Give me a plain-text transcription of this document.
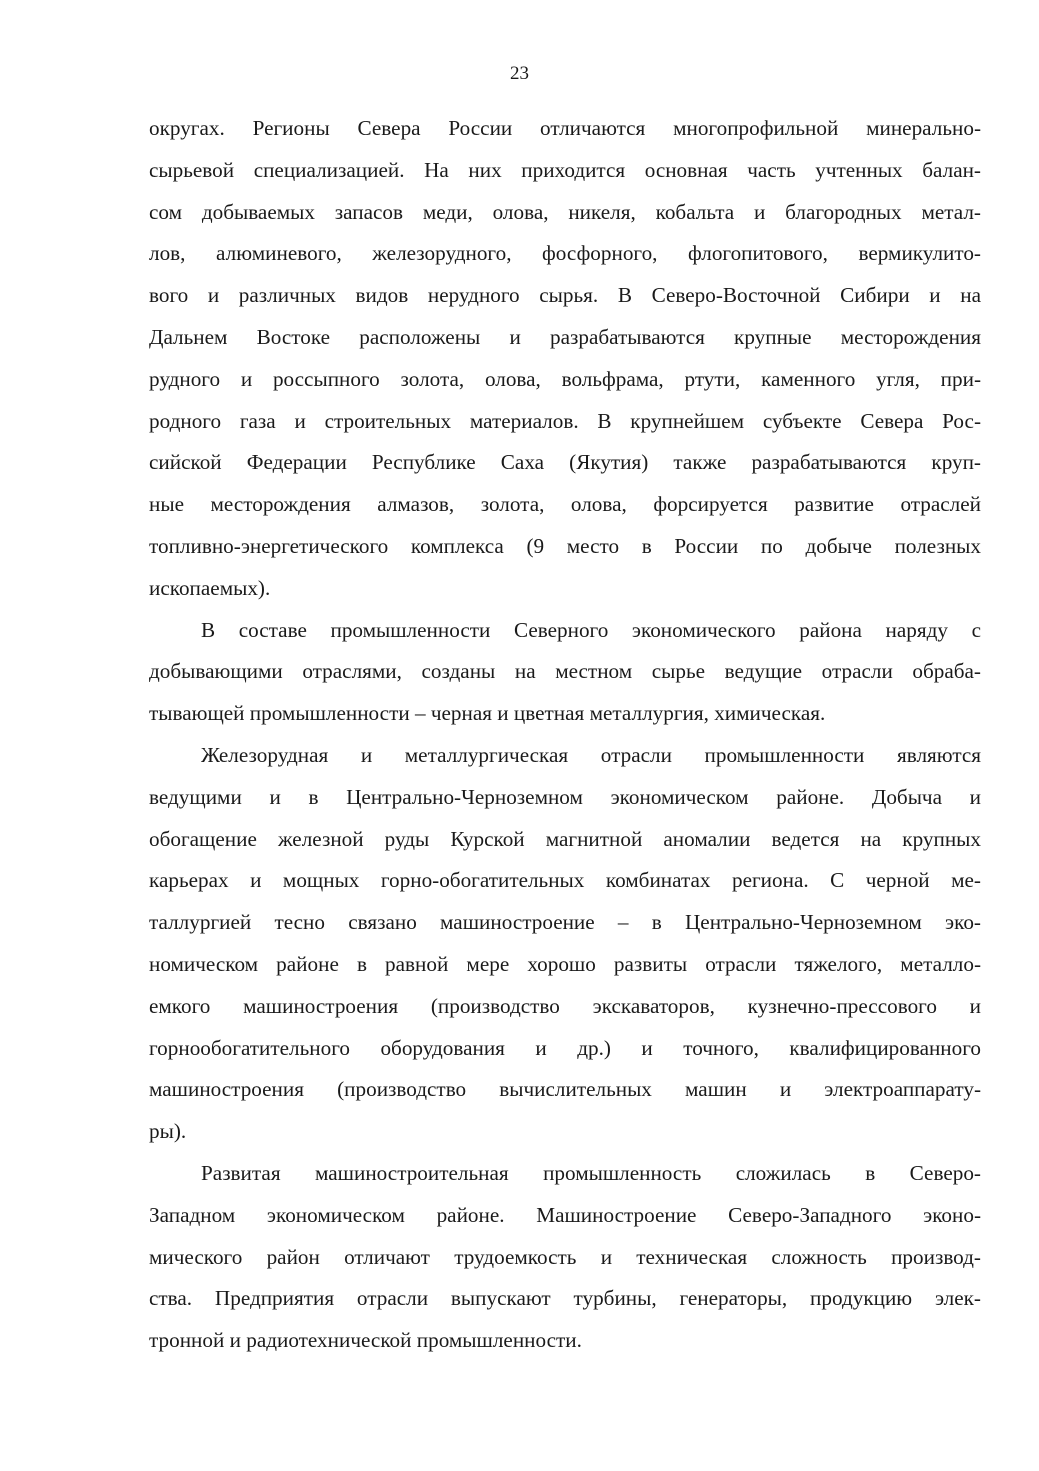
23
округах. Регионы Севера России отличаются многопрофильной минерально-
сырьевой специализацией. На них приходится основная часть учтенных балан-
сом добываемых запасов меди, олова, никеля, кобальта и благородных метал-
лов, алюминевого, железорудного, фосфорного, флогопитового, вермикулито-
вого и различных видов нерудного сырья. В Северо-Восточной Сибири и на
Дальнем Востоке расположены и разрабатываются крупные месторождения
рудного и россыпного золота, олова, вольфрама, ртути, каменного угля, при-
родного газа и строительных материалов. В крупнейшем субъекте Севера Рос-
сийской Федерации Республике Саха (Якутия) также разрабатываются круп-
ные месторождения алмазов, золота, олова, форсируется развитие отраслей
топливно-энергетического комплекса (9 место в России по добыче полезных
ископаемых).
В составе промышленности Северного экономического района наряду с
добывающими отраслями, созданы на местном сырье ведущие отрасли обраба-
тывающей промышленности – черная и цветная металлургия, химическая.
Железорудная и металлургическая отрасли промышленности являются
ведущими и в Центрально-Черноземном экономическом районе. Добыча и
обогащение железной руды Курской магнитной аномалии ведется на крупных
карьерах и мощных горно-обогатительных комбинатах региона. С черной ме-
таллургией тесно связано машиностроение – в Центрально-Черноземном эко-
номическом районе в равной мере хорошо развиты отрасли тяжелого, металло-
емкого машиностроения (производство экскаваторов, кузнечно-прессового и
горнообогатительного оборудования и др.) и точного, квалифицированного
машиностроения (производство вычислительных машин и электроаппарату-
ры).
Развитая машиностроительная промышленность сложилась в Северо-
Западном экономическом районе. Машиностроение Северо-Западного эконо-
мического район отличают трудоемкость и техническая сложность производ-
ства. Предприятия отрасли выпускают турбины, генераторы, продукцию элек-
тронной и радиотехнической промышленности.
